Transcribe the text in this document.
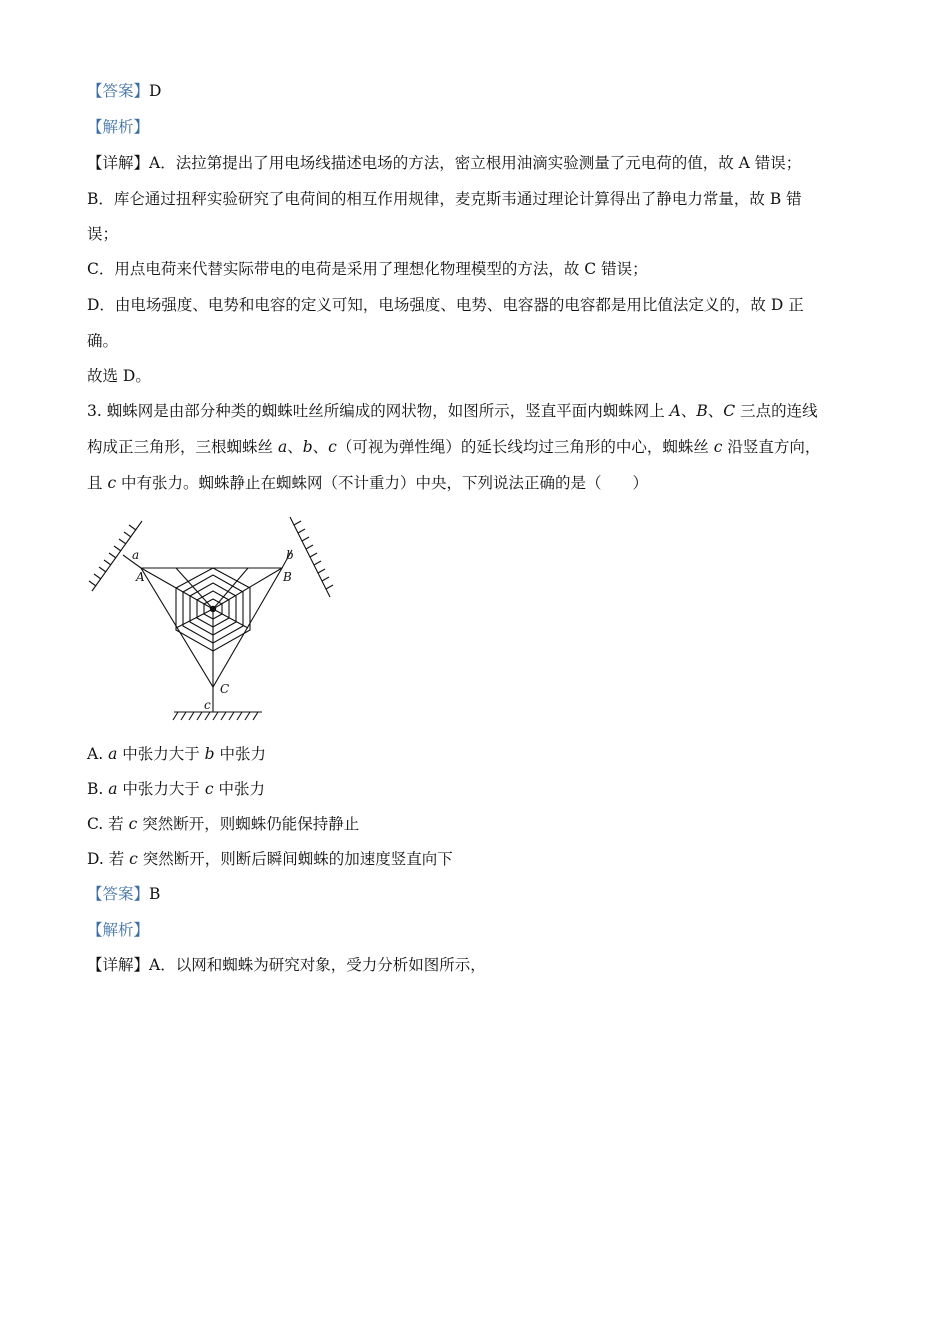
【答案】D
【解析】
【详解】A．法拉第提出了用电场线描述电场的方法，密立根用油滴实验测量了元电荷的值，故 A 错误；
B．库仑通过扭秤实验研究了电荷间的相互作用规律，麦克斯韦通过理论计算得出了静电力常量，故 B 错
误；
C．用点电荷来代替实际带电的电荷是采用了理想化物理模型的方法，故 C 错误；
D．由电场强度、电势和电容的定义可知，电场强度、电势、电容器的电容都是用比值法定义的，故 D 正
确。
故选 D。
3. 蜘蛛网是由部分种类的蜘蛛吐丝所编成的网状物，如图所示，竖直平面内蜘蛛网上 A、B、C 三点的连线
构成正三角形，三根蜘蛛丝 a、b、c（可视为弹性绳）的延长线均过三角形的中心，蜘蛛丝 c 沿竖直方向，
且 c 中有张力。蜘蛛静止在蜘蛛网（不计重力）中央，下列说法正确的是（　　）
a
A
b
B
C
c
A. a 中张力大于 b 中张力
B. a 中张力大于 c 中张力
C. 若 c 突然断开，则蜘蛛仍能保持静止
D. 若 c 突然断开，则断后瞬间蜘蛛的加速度竖直向下
【答案】B
【解析】
【详解】A．以网和蜘蛛为研究对象，受力分析如图所示，
